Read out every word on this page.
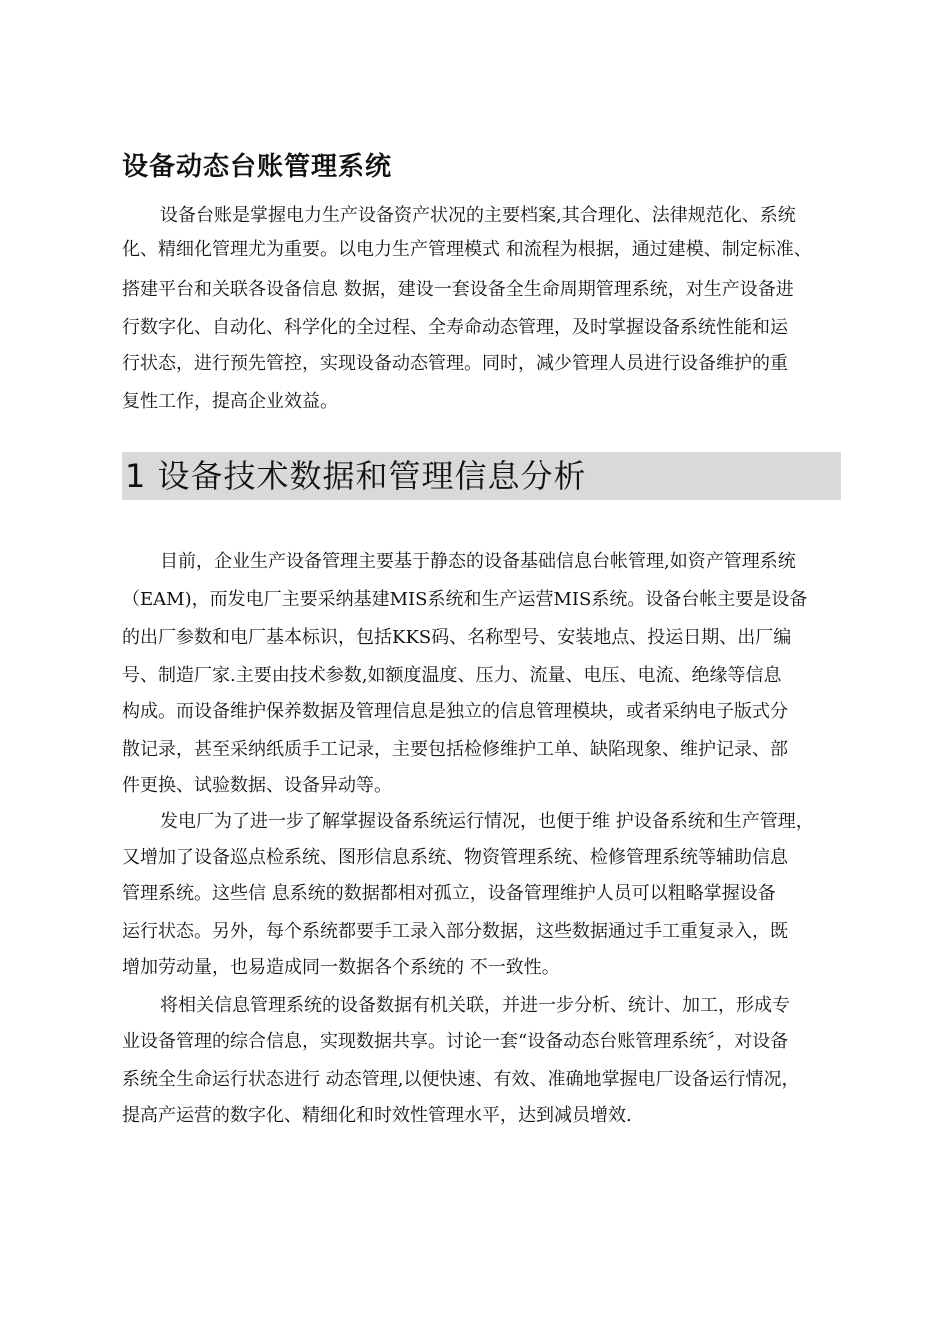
设备动态台账管理系统

设备台账是掌握电力生产设备资产状况的主要档案,其合理化、法律规范化、系统

化、精细化管理尤为重要。以电力生产管理模式 和流程为根据，通过建模、制定标准、

搭建平台和关联各设备信息 数据，建设一套设备全生命周期管理系统，对生产设备进

行数字化、自动化、科学化的全过程、全寿命动态管理，及时掌握设备系统性能和运

行状态，进行预先管控，实现设备动态管理。同时，减少管理人员进行设备维护的重

复性工作，提高企业效益。

1 设备技术数据和管理信息分析

目前，企业生产设备管理主要基于静态的设备基础信息台帐管理,如资产管理系统

（EAM)，而发电厂主要采纳基建MIS系统和生产运营MIS系统。设备台帐主要是设备

的出厂参数和电厂基本标识，包括KKS码、名称型号、安装地点、投运日期、出厂编

号、制造厂家.主要由技术参数,如额度温度、压力、流量、电压、电流、绝缘等信息

构成。而设备维护保养数据及管理信息是独立的信息管理模块，或者采纳电子版式分

散记录，甚至采纳纸质手工记录，主要包括检修维护工单、缺陷现象、维护记录、部

件更换、试验数据、设备异动等。

发电厂为了进一步了解掌握设备系统运行情况，也便于维 护设备系统和生产管理，

又增加了设备巡点检系统、图形信息系统、物资管理系统、检修管理系统等辅助信息

管理系统。这些信 息系统的数据都相对孤立，设备管理维护人员可以粗略掌握设备

运行状态。另外，每个系统都要手工录入部分数据，这些数据通过手工重复录入，既

增加劳动量，也易造成同一数据各个系统的 不一致性。

将相关信息管理系统的设备数据有机关联，并进一步分析、统计、加工，形成专

业设备管理的综合信息，实现数据共享。讨论一套“设备动态台账管理系统〞，对设备

系统全生命运行状态进行 动态管理,以便快速、有效、准确地掌握电厂设备运行情况，

提高产运营的数字化、精细化和时效性管理水平，达到减员增效.
